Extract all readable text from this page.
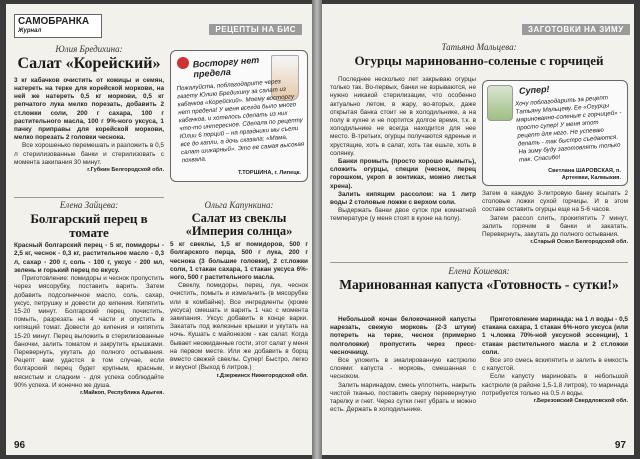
САМОБРАНКА
Журнал	РЕЦЕПТЫ НА БИС
Юлия Бредихина:
Салат «Корейский»
3 кг кабачков очистить от кожицы и семян, натереть на терке для корейской моркови, на ней же натереть 0,5 кг моркови, 0,5 кг репчатого лука мелко порезать, добавить 2 ст.ложки соли, 200 г сахара, 100 г растительного масла, 100 г 9%-ного уксуса, 1 пачку приправы для корейской моркови, мелко порезать 2 головки чеснока.
Все хорошенько перемешать и разложить в 0,5 л стерилизованные банки и стерилизовать с момента закипания 30 минут.
г.Губкин Белгородской обл.
Восторгу нет предела
Пожалуйста, поблагодарите через газету Юлию Бредихину за салат из кабачков «Корейский». Моему восторгу нет предела! У меня всегда было много кабачков, и хотелось сделать из них что-то интересное. Сделала по рецепту Юлии 6 порций – на праздники мы съели все до капли, а дочь сказала: «Мама, салат шикарный». Это ее самая высокая похвала.
Т.ТОРШИНА, г. Липецк.
Елена Зайцева:
Болгарский перец в томате
Красный болгарский перец - 5 кг, помидоры - 2,5 кг, чеснок - 0,3 кг, растительное масло - 0,3 л, сахар - 200 г, соль - 100 г, уксус - 200 мл, зелень и горький перец по вкусу.
Приготовление: помидоры и чеснок пропустить через мясорубку, поставить варить. Затем добавить подсолнечное масло, соль, сахар, уксус, петрушку и довести до кипения. Кипятить 15-20 минут. Болгарский перец почистить, помыть, разрезать на 4 части и опустить в кипящий томат. Довести до кипения и кипятить 15-20 минут. Перец выложить в стерилизованные баночки, залить томатом и закрутить крышками. Перевернуть, укутать до полного остывания. Рецепт вам удастся в том случае, если болгарский перец будет крупным, красным, мясистым и сладким - для успеха соблюдайте 90% успеха. И конечно же душа.
г.Майкоп, Республика Адыгея.
Ольга Капункина:
Салат из свеклы «Империя солнца»
5 кг свеклы, 1,5 кг помидоров, 500 г болгарского перца, 500 г лука, 200 г чеснока (3 большие головки), 2 ст.ложки соли, 1 стакан сахара, 1 стакан уксуса 6%-ного, 500 г растительного масла.
Свеклу, помидоры, перец, лук, чеснок очистить, помыть и измельчить (в мясорубке или в комбайне). Все ингредиенты (кроме уксуса) смешать и варить 1 час с момента закипания. Уксус добавить в конце варки. Закатать под железные крышки и укутать на ночь. Кушать с майонезом - как салат. Когда бывает неожиданные гости, этот салат у меня на первом месте. Или же добавить в борщ вместо свежей свеклы. Супер! Быстро, легко и вкусно! (Выход 6 литров.)
г.Дзержинск Нижегородской обл.
96
ЗАГОТОВКИ НА ЗИМУ
Татьяна Мальцева:
Огурцы маринованно-соленые с горчицей
Последнее несколько лет закрываю огурцы только так. Во-первых, банки не взрываются, не нужно никакой стерилизации, что особенно актуально летом, в жару, во-вторых, даже открытая банка стоит не в холодильнике, а на полу в кухне и не портится долгое время, т.к. в холодильнике не всегда находится для нее место. В-третьих, огурцы получаются ядреные и хрустящие, хоть в салат, хоть так ешьте, хоть в солянку.
Банки промыть (просто хорошо вымыть), сложить огурцы, специи (чеснок, перец горошком, укроп в зонтиках, можно листья хрена).
Залить кипящим рассолом: на 1 литр воды 2 столовые ложки с верхом соли.
Выдержать банки двое суток при комнатной температуре (у меня стоят в кухне на полу).
Супер!
Хочу поблагодарить за рецепт Татьяну Мальцеву. Ее «Огурцы маринованно-соленые с горчицей» - просто супер! У меня этот рецепт для него. Не успеваю делать - так быстро съедаются. На зиму буду заготовлять только так. Спасибо!
Светлана ШАРОВСКАЯ, п. Артеевки, Калмыкия.
Затем в каждую 3-литровую банку всыпать 2 столовые ложки сухой горчицы. И в этом составе оставить огурцы еще на 5-6 часов.
Затем рассол слить, прокипятить 7 минут, залить горячим в банки и закатать. Перевернуть, закутать до полного остывания.
г.Старый Оскол Белгородской обл.
Елена Кошевая:
Маринованная капуста «Готовность - сутки!»
Небольшой кочан белокочанной капусты нарезать, свежую морковь (2-3 штуки) потереть на терке, чеснок (примерно полголовки) пропустить через пресс-чесночницу.
Все уложить в эмалированную кастрюлю слоями: капуста - морковь, смешанная с чесноком.
Залить маринадом, смесь уплотнить, накрыть чистой тканью, поставить сверху перевернутую тарелку и гнет. Через сутки гнет убрать и можно есть. Держать в холодильнике.
Приготовление маринада: на 1 л воды - 0,5 стакана сахара, 1 стакан 6%-ного уксуса (или 1 ч.ложка 70%-ной уксусной эссенции), 1 стакан растительного масла и 2 ст.ложки соли.
Все это смесь вскипятить и залить в емкость с капустой.
Если капусту мариновать в небольшой кастрюле (в районе 1,5-1,8 литров), то маринада потребуется только на 0,5 л воды.
г.Березовский Свердловской обл.
97
